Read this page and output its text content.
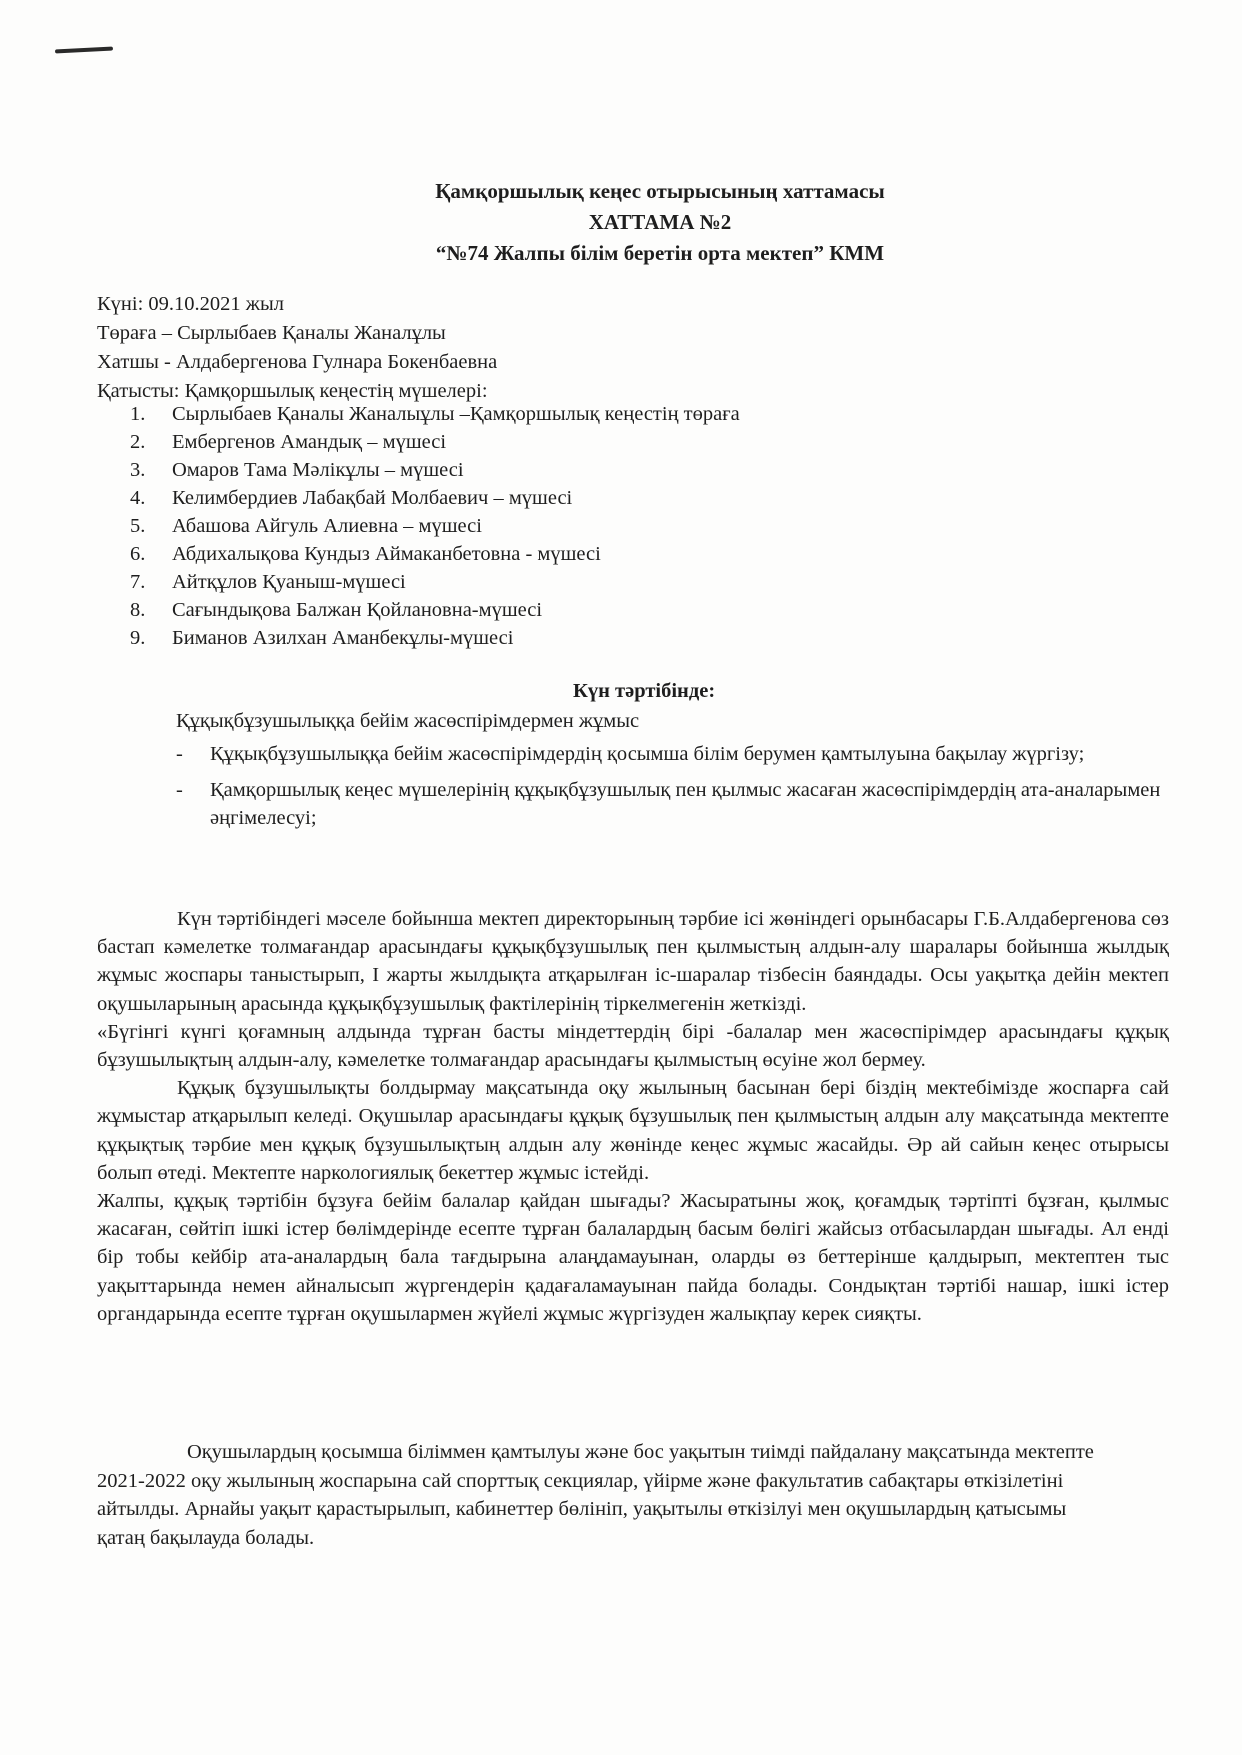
Қамқоршылық кеңес отырысының хаттамасы
ХАТТАМА №2
“№74 Жалпы білім беретін орта мектеп” КММ
Күні: 09.10.2021 жыл
Төраға – Сырлыбаев Қаналы Жаналұлы
Хатшы - Алдабергенова Гулнара Бокенбаевна
Қатысты: Қамқоршылық кеңестің мүшелері:
1. Сырлыбаев Қаналы Жаналыұлы –Қамқоршылық кеңестің төраға
2. Ембергенов Амандық – мүшесі
3. Омаров Тама Мәлікұлы – мүшесі
4. Келимбердиев Лабақбай Молбаевич – мүшесі
5. Абашова Айгуль Алиевна – мүшесі
6. Абдихалықова Кундыз Аймаканбетовна - мүшесі
7. Айтқұлов Қуаныш-мүшесі
8. Сағындықова Балжан Қойлановна-мүшесі
9. Биманов Азилхан Аманбекұлы-мүшесі
Күн тәртібінде:
Құқықбұзушылыққа бейім жасөспірімдермен жұмыс
- Құқықбұзушылыққа бейім жасөспірімдердің қосымша білім берумен қамтылуына бақылау жүргізу;
- Қамқоршылық кеңес мүшелерінің құқықбұзушылық пен қылмыс жасаған жасөспірімдердің ата-аналарымен әңгімелесуі;

Күн тәртібіндегі мәселе бойынша мектеп директорының тәрбие ісі жөніндегі орынбасары Г.Б.Алдабергенова сөз бастап кәмелетке толмағандар арасындағы құқықбұзушылық пен қылмыстың алдын-алу шаралары бойынша жылдық жұмыс жоспары таныстырып, I жарты жылдықта атқарылған іс-шаралар тізбесін баяндады. Осы уақытқа дейін мектеп оқушыларының арасында құқықбұзушылық фактілерінің тіркелмегенін жеткізді.

«Бүгінгі күнгі қоғамның алдында тұрған басты міндеттердің бірі -балалар мен жасөспірімдер арасындағы құқық бұзушылықтың алдын-алу, кәмелетке толмағандар арасындағы қылмыстың өсуіне жол бермеу.

Құқық бұзушылықты болдырмау мақсатында оқу жылының басынан бері біздің мектебімізде жоспарға сай жұмыстар атқарылып келеді. Оқушылар арасындағы құқық бұзушылық пен қылмыстың алдын алу мақсатында мектепте құқықтық тәрбие мен құқық бұзушылықтың алдын алу жөнінде кеңес жұмыс жасайды. Әр ай сайын кеңес отырысы болып өтеді. Мектепте наркологиялық бекеттер жұмыс істейді.

Жалпы, құқық тәртібін бұзуға бейім балалар қайдан шығады? Жасыратыны жоқ, қоғамдық тәртіпті бұзған, қылмыс жасаған, сөйтіп ішкі істер бөлімдерінде есепте тұрған балалардың басым бөлігі жайсыз отбасылардан шығады. Ал енді бір тобы кейбір ата-аналардың бала тағдырына алаңдамауынан, оларды өз беттерінше қалдырып, мектептен тыс уақыттарында немен айналысып жүргендерін қадағаламауынан пайда болады. Сондықтан тәртібі нашар, ішкі істер органдарында есепте тұрған оқушылармен жүйелі жұмыс жүргізуден жалықпау керек сияқты.

Оқушылардың қосымша біліммен қамтылуы және бос уақытын тиімді пайдалану мақсатында мектепте 2021-2022 оқу жылының жоспарына сай спорттық секциялар, үйірме және факультатив сабақтары өткізілетіні айтылды. Арнайы уақыт қарастырылып, кабинеттер бөлініп, уақытылы өткізілуі мен оқушылардың қатысымы қатаң бақылауда болады.
